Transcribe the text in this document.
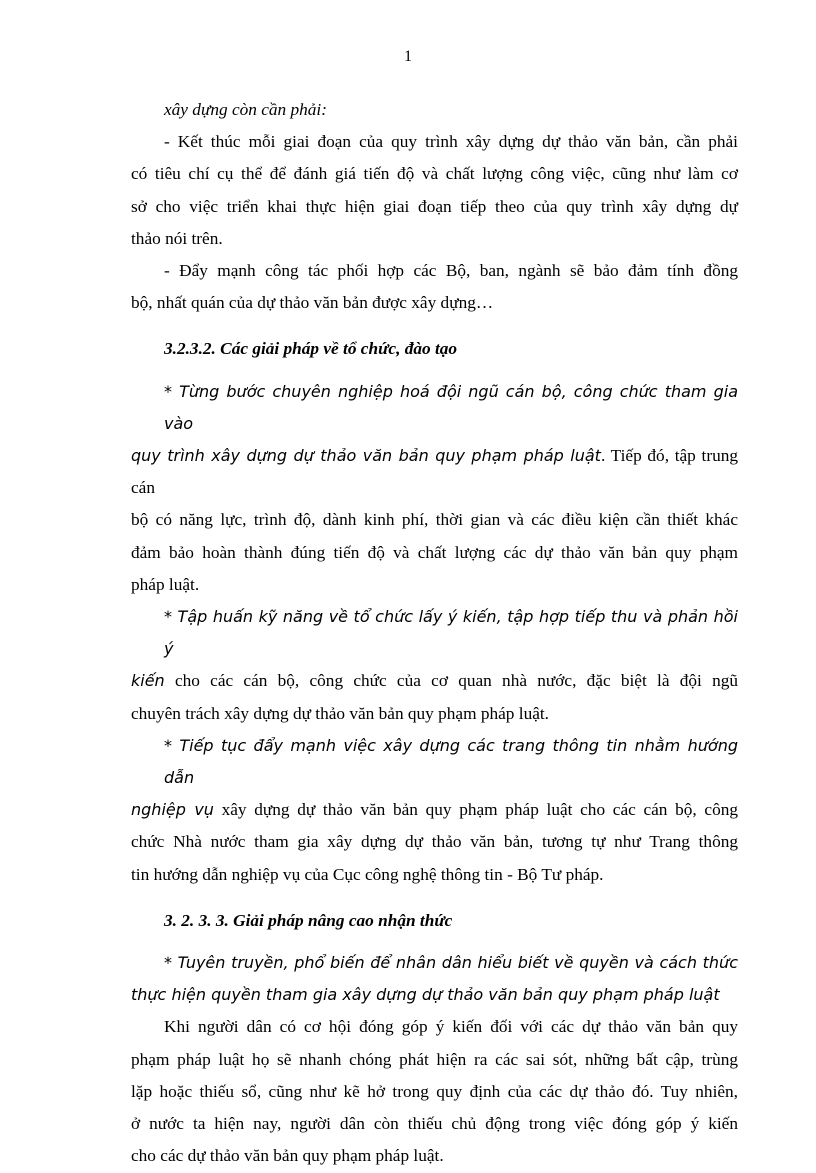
1
xây dựng còn cần phải:
- Kết thúc mỗi giai đoạn của quy trình xây dựng dự thảo văn bản, cần phải
có tiêu chí cụ thể để đánh giá tiến độ và chất lượng công việc, cũng như làm cơ
sở cho việc triển khai thực hiện giai đoạn tiếp theo của quy trình xây dựng dự
thảo nói trên.
- Đẩy mạnh công tác phối hợp các Bộ, ban, ngành sẽ bảo đảm tính đồng
bộ, nhất quán của dự thảo văn bản được xây dựng…
3.2.3.2. Các giải pháp về tổ chức, đào tạo
* Từng bước chuyên nghiệp hoá đội ngũ cán bộ, công chức tham gia vào
quy trình xây dựng dự thảo văn bản quy phạm pháp luật. Tiếp đó, tập trung cán
bộ có năng lực, trình độ, dành kinh phí, thời gian và các điều kiện cần thiết khác
đảm bảo hoàn thành đúng tiến độ và chất lượng các dự thảo văn bản quy phạm
pháp luật.
* Tập huấn kỹ năng về tổ chức lấy ý kiến, tập hợp tiếp thu và phản hồi ý
kiến cho các cán bộ, công chức của cơ quan nhà nước, đặc biệt là đội ngũ
chuyên trách xây dựng dự thảo văn bản quy phạm pháp luật.
* Tiếp tục đẩy mạnh việc xây dựng các trang thông tin nhằm hướng dẫn
nghiệp vụ xây dựng dự thảo văn bản quy phạm pháp luật cho các cán bộ, công
chức Nhà nước tham gia xây dựng dự thảo văn bản, tương tự như Trang thông
tin hướng dẫn nghiệp vụ của Cục công nghệ thông tin - Bộ Tư pháp.
3. 2. 3. 3. Giải pháp nâng cao nhận thức
* Tuyên truyền, phổ biến để nhân dân hiểu biết về quyền và cách thức
thực hiện quyền tham gia xây dựng dự thảo văn bản quy phạm pháp luật
Khi người dân có cơ hội đóng góp ý kiến đối với các dự thảo văn bản quy
phạm pháp luật họ sẽ nhanh chóng phát hiện ra các sai sót, những bất cập, trùng
lặp hoặc thiếu sổ, cũng như kẽ hở trong quy định của các dự thảo đó. Tuy nhiên,
ở nước ta hiện nay, người dân còn thiếu chủ động trong việc đóng góp ý kiến
cho các dự thảo văn bản quy phạm pháp luật.
